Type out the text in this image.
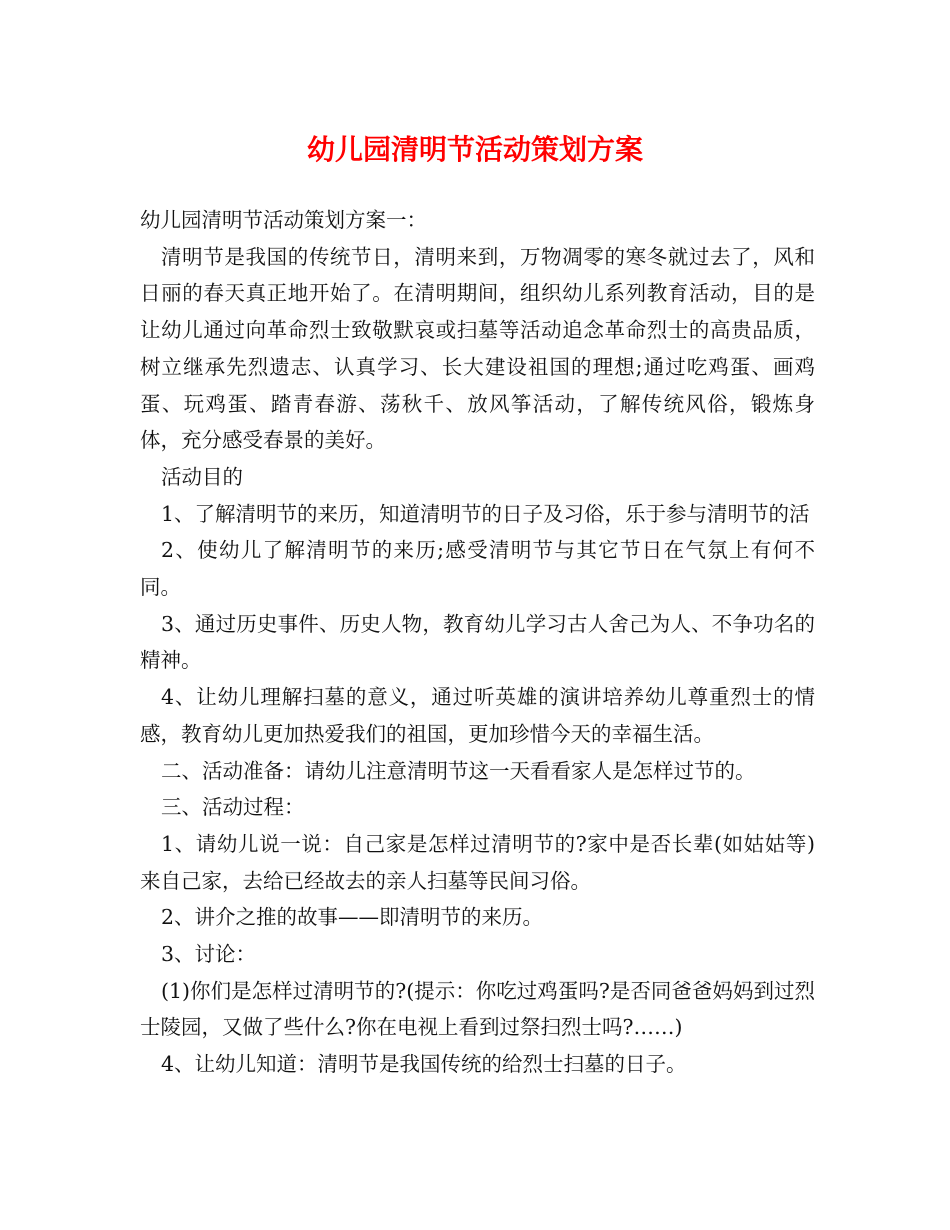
幼儿园清明节活动策划方案

幼儿园清明节活动策划方案一：

清明节是我国的传统节日，清明来到，万物凋零的寒冬就过去了，风和日丽的春天真正地开始了。在清明期间，组织幼儿系列教育活动，目的是让幼儿通过向革命烈士致敬默哀或扫墓等活动追念革命烈士的高贵品质，树立继承先烈遗志、认真学习、长大建设祖国的理想;通过吃鸡蛋、画鸡蛋、玩鸡蛋、踏青春游、荡秋千、放风筝活动，了解传统风俗，锻炼身体，充分感受春景的美好。

活动目的

1、了解清明节的来历，知道清明节的日子及习俗，乐于参与清明节的活

2、使幼儿了解清明节的来历;感受清明节与其它节日在气氛上有何不同。

3、通过历史事件、历史人物，教育幼儿学习古人舍己为人、不争功名的精神。

4、让幼儿理解扫墓的意义，通过听英雄的演讲培养幼儿尊重烈士的情感，教育幼儿更加热爱我们的祖国，更加珍惜今天的幸福生活。

二、活动准备：请幼儿注意清明节这一天看看家人是怎样过节的。

三、活动过程：

1、请幼儿说一说：自己家是怎样过清明节的?家中是否长辈(如姑姑等)来自己家，去给已经故去的亲人扫墓等民间习俗。

2、讲介之推的故事——即清明节的来历。

3、讨论：

(1)你们是怎样过清明节的?(提示：你吃过鸡蛋吗?是否同爸爸妈妈到过烈士陵园，又做了些什么?你在电视上看到过祭扫烈士吗?……)

4、让幼儿知道：清明节是我国传统的给烈士扫墓的日子。
